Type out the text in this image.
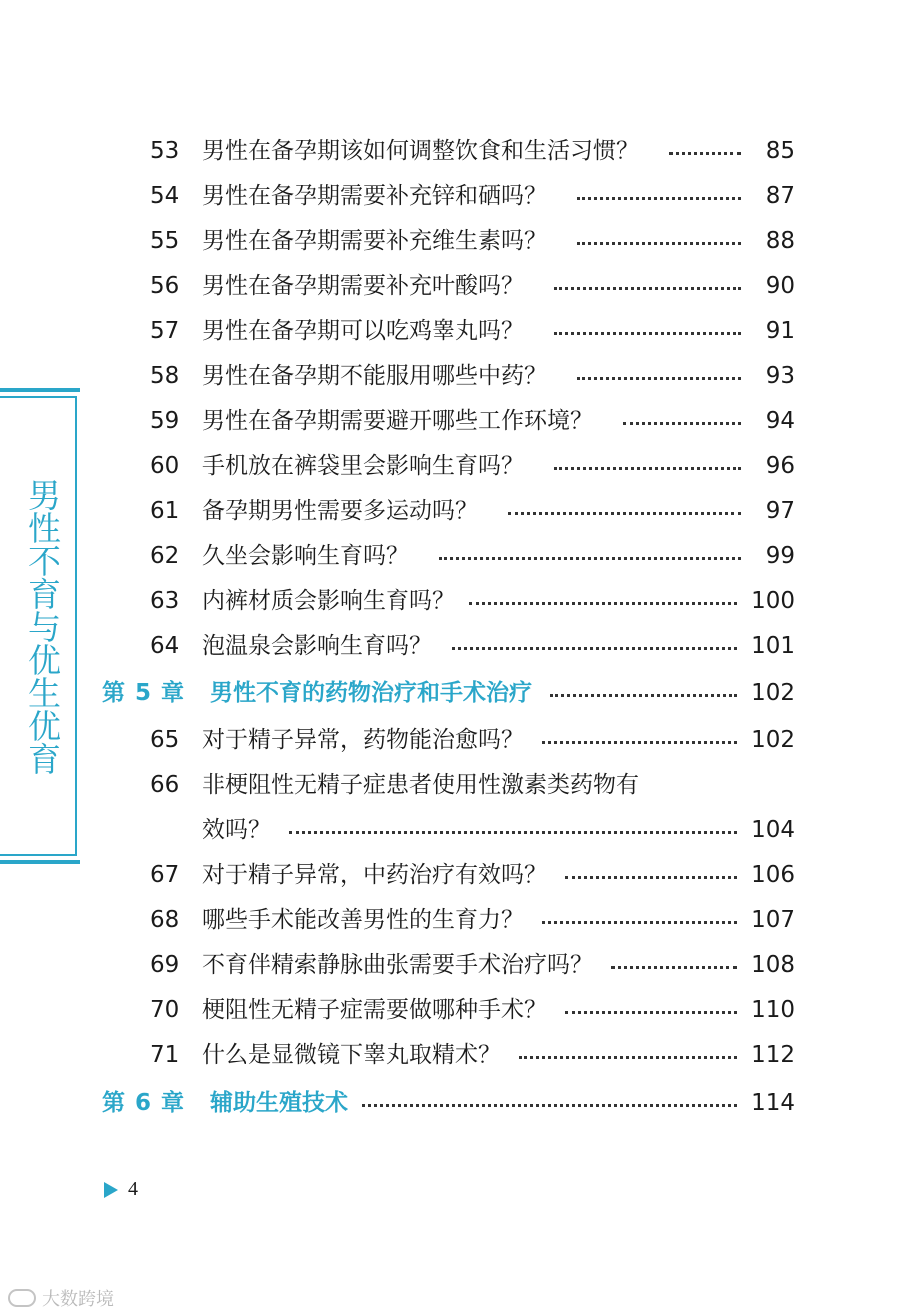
男性不育与优生优育
53 男性在备孕期该如何调整饮食和生活习惯？	85
54 男性在备孕期需要补充锌和硒吗？	87
55 男性在备孕期需要补充维生素吗？	88
56 男性在备孕期需要补充叶酸吗？	90
57 男性在备孕期可以吃鸡睾丸吗？	91
58 男性在备孕期不能服用哪些中药？	93
59 男性在备孕期需要避开哪些工作环境？	94
60 手机放在裤袋里会影响生育吗？	96
61 备孕期男性需要多运动吗？	97
62 久坐会影响生育吗？	99
63 内裤材质会影响生育吗？	100
64 泡温泉会影响生育吗？	101
第 5 章	男性不育的药物治疗和手术治疗	102
65 对于精子异常，药物能治愈吗？	102
66 非梗阻性无精子症患者使用性激素类药物有
效吗？	104
67 对于精子异常，中药治疗有效吗？	106
68 哪些手术能改善男性的生育力？	107
69 不育伴精索静脉曲张需要手术治疗吗？	108
70 梗阻性无精子症需要做哪种手术？	110
71 什么是显微镜下睾丸取精术？	112
第 6 章	辅助生殖技术	114
4
大数跨境
